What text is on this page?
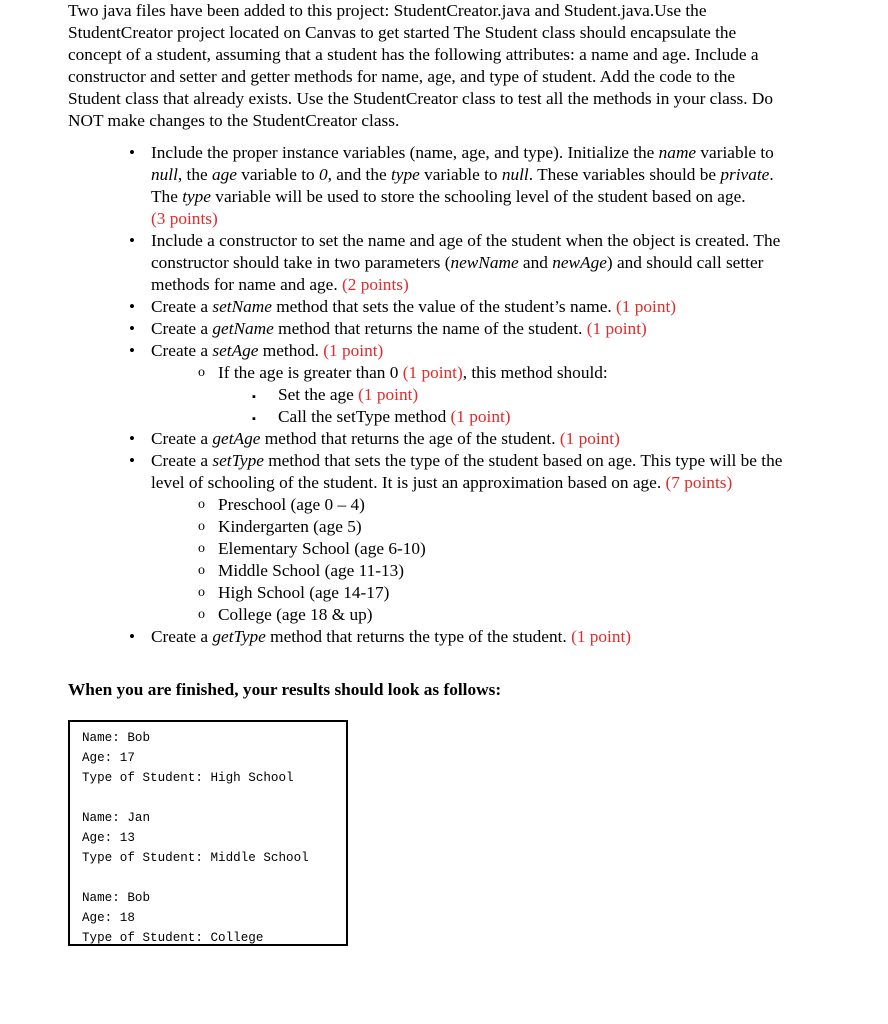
Two java files have been added to this project: StudentCreator.java and Student.java.Use the
StudentCreator project located on Canvas to get started The Student class should encapsulate the
concept of a student, assuming that a student has the following attributes: a name and age. Include a
constructor and setter and getter methods for name, age, and type of student. Add the code to the
Student class that already exists. Use the StudentCreator class to test all the methods in your class. Do
NOT make changes to the StudentCreator class.
• Include the proper instance variables (name, age, and type). Initialize the name variable to
null, the age variable to 0, and the type variable to null. These variables should be private.
The type variable will be used to store the schooling level of the student based on age.
(3 points)
• Include a constructor to set the name and age of the student when the object is created. The
constructor should take in two parameters (newName and newAge) and should call setter
methods for name and age. (2 points)
• Create a setName method that sets the value of the student’s name. (1 point)
• Create a getName method that returns the name of the student. (1 point)
• Create a setAge method. (1 point)
o If the age is greater than 0 (1 point), this method should:
▪ Set the age (1 point)
▪ Call the setType method (1 point)
• Create a getAge method that returns the age of the student. (1 point)
• Create a setType method that sets the type of the student based on age. This type will be the
level of schooling of the student. It is just an approximation based on age. (7 points)
o Preschool (age 0 – 4)
o Kindergarten (age 5)
o Elementary School (age 6-10)
o Middle School (age 11-13)
o High School (age 14-17)
o College (age 18 & up)
• Create a getType method that returns the type of the student. (1 point)
When you are finished, your results should look as follows:
Name: Bob
Age: 17
Type of Student: High School
Name: Jan
Age: 13
Type of Student: Middle School
Name: Bob
Age: 18
Type of Student: College
